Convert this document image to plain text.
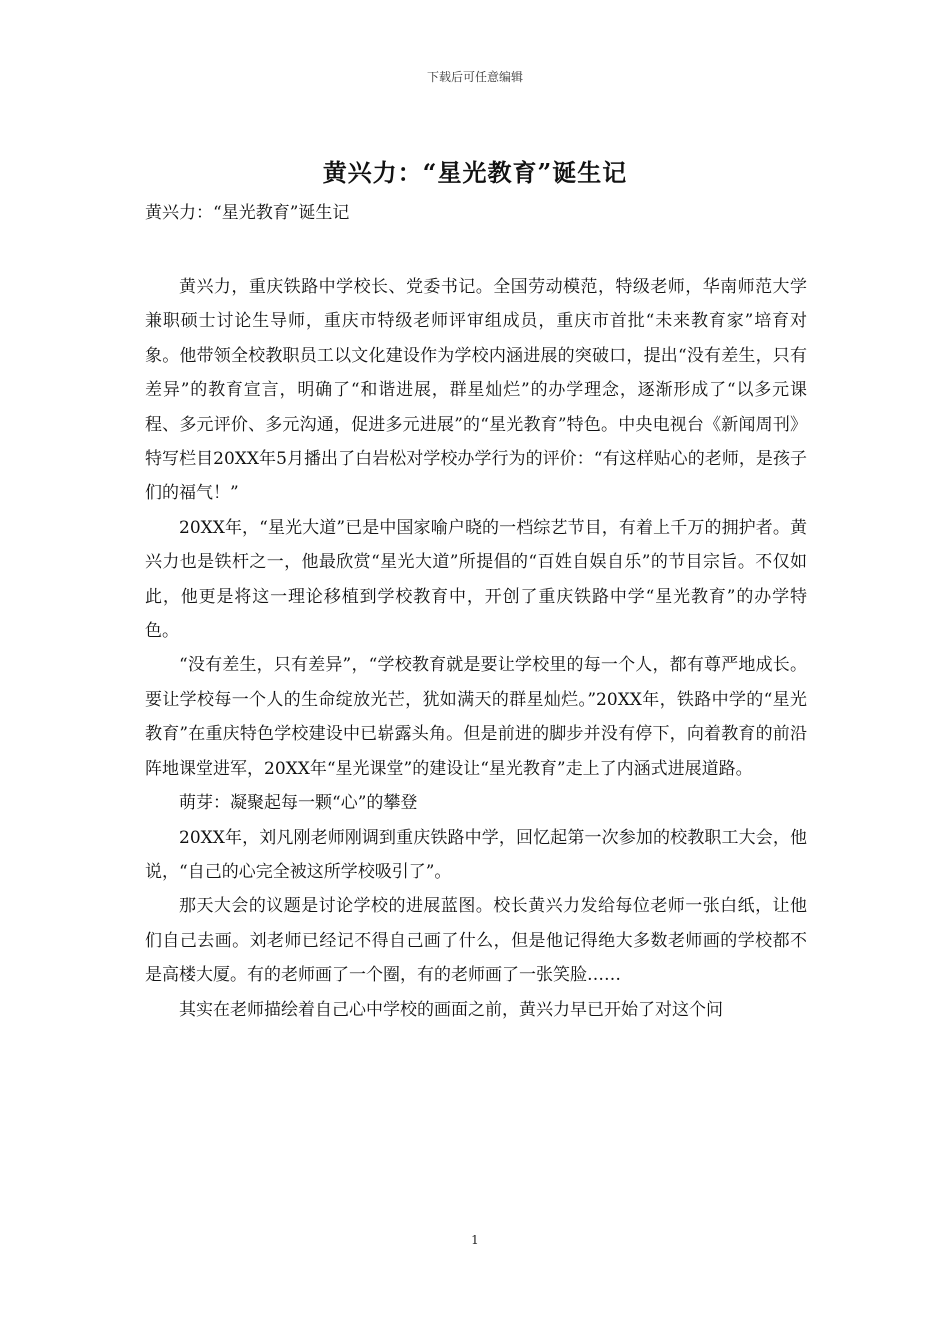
下载后可任意编辑
黄兴力：“星光教育”诞生记

黄兴力：“星光教育”诞生记

黄兴力，重庆铁路中学校长、党委书记。全国劳动模范，特级老师，华南师范大学兼职硕士讨论生导师，重庆市特级老师评审组成员，重庆市首批“未来教育家”培育对象。他带领全校教职员工以文化建设作为学校内涵进展的突破口，提出“没有差生，只有差异”的教育宣言，明确了“和谐进展，群星灿烂”的办学理念，逐渐形成了“以多元课程、多元评价、多元沟通，促进多元进展”的“星光教育”特色。中央电视台《新闻周刊》特写栏目20XX年5月播出了白岩松对学校办学行为的评价：“有这样贴心的老师，是孩子们的福气！”

20XX年，“星光大道”已是中国家喻户晓的一档综艺节目，有着上千万的拥护者。黄兴力也是铁杆之一，他最欣赏“星光大道”所提倡的“百姓自娱自乐”的节目宗旨。不仅如此，他更是将这一理论移植到学校教育中，开创了重庆铁路中学“星光教育”的办学特色。

“没有差生，只有差异”，“学校教育就是要让学校里的每一个人，都有尊严地成长。要让学校每一个人的生命绽放光芒，犹如满天的群星灿烂。”20XX年，铁路中学的“星光教育”在重庆特色学校建设中已崭露头角。但是前进的脚步并没有停下，向着教育的前沿阵地课堂进军，20XX年“星光课堂”的建设让“星光教育”走上了内涵式进展道路。

萌芽：凝聚起每一颗“心”的攀登

20XX年，刘凡刚老师刚调到重庆铁路中学，回忆起第一次参加的校教职工大会，他说，“自己的心完全被这所学校吸引了”。

那天大会的议题是讨论学校的进展蓝图。校长黄兴力发给每位老师一张白纸，让他们自己去画。刘老师已经记不得自己画了什么，但是他记得绝大多数老师画的学校都不是高楼大厦。有的老师画了一个圈，有的老师画了一张笑脸……

其实在老师描绘着自己心中学校的画面之前，黄兴力早已开始了对这个问

1
